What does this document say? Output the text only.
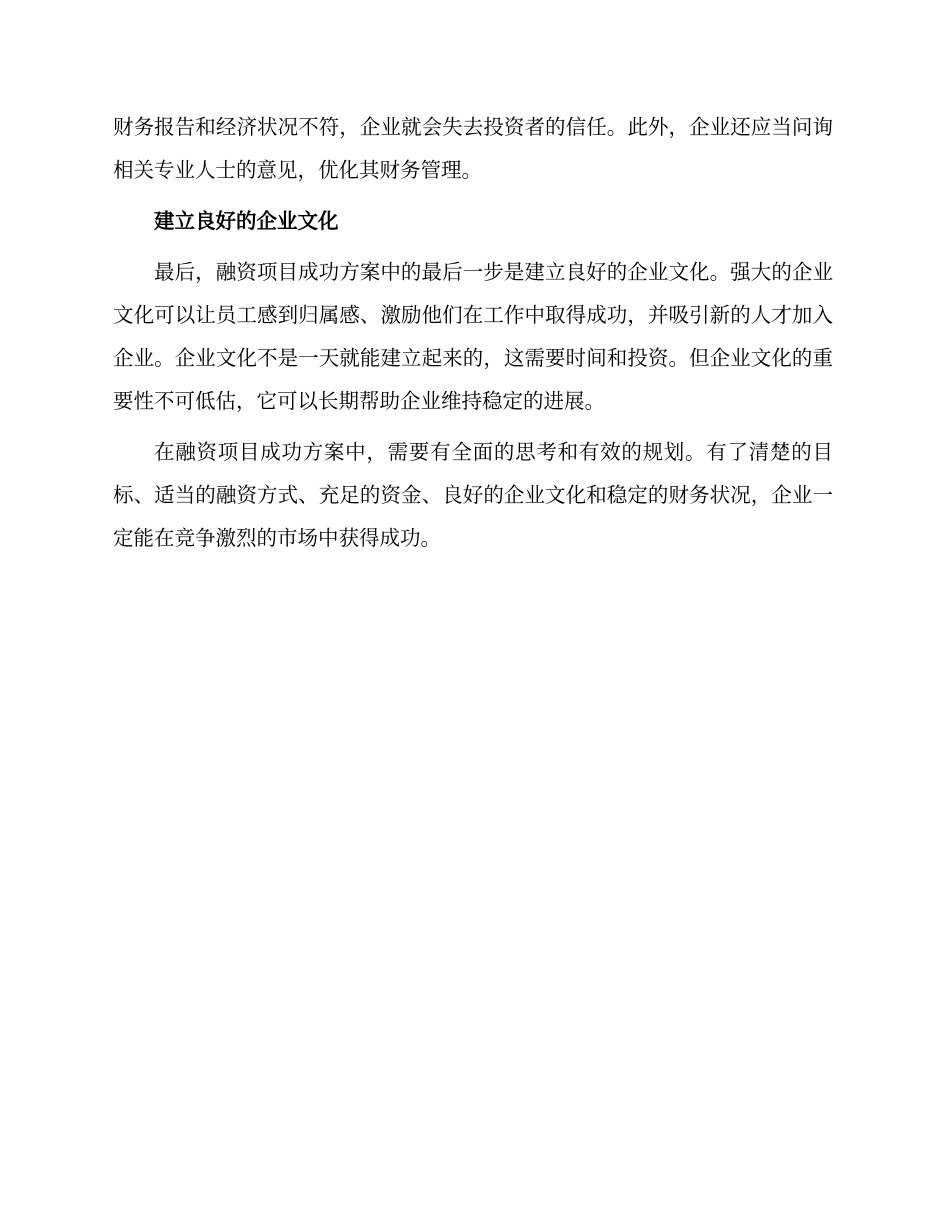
财务报告和经济状况不符，企业就会失去投资者的信任。此外，企业还应当问询相关专业人士的意见，优化其财务管理。

建立良好的企业文化

最后，融资项目成功方案中的最后一步是建立良好的企业文化。强大的企业文化可以让员工感到归属感、激励他们在工作中取得成功，并吸引新的人才加入企业。企业文化不是一天就能建立起来的，这需要时间和投资。但企业文化的重要性不可低估，它可以长期帮助企业维持稳定的进展。

在融资项目成功方案中，需要有全面的思考和有效的规划。有了清楚的目标、适当的融资方式、充足的资金、良好的企业文化和稳定的财务状况，企业一定能在竞争激烈的市场中获得成功。
